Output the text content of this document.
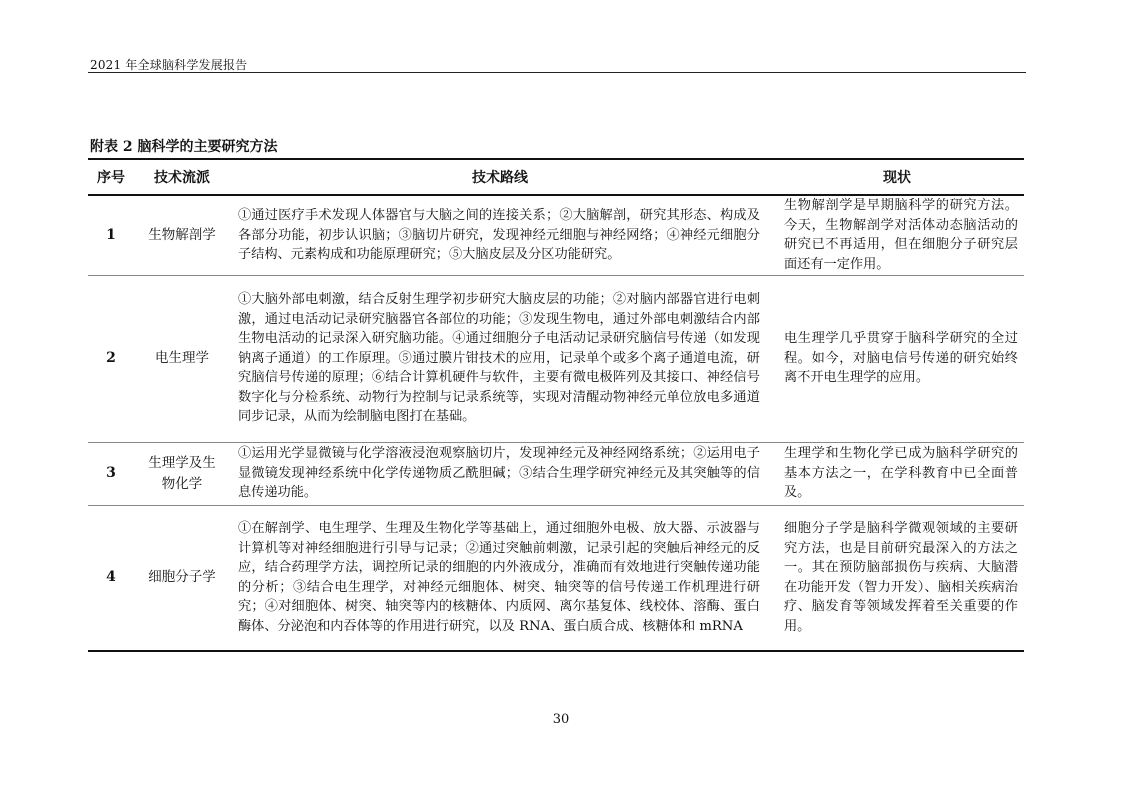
2021 年全球脑科学发展报告
附表 2 脑科学的主要研究方法
序号	技术流派	技术路线	现状
1	生物解剖学	①通过医疗手术发现人体器官与大脑之间的连接关系；②大脑解剖，研究其形态、构成及各部分功能，初步认识脑；③脑切片研究，发现神经元细胞与神经网络；④神经元细胞分子结构、元素构成和功能原理研究；⑤大脑皮层及分区功能研究。	生物解剖学是早期脑科学的研究方法。今天，生物解剖学对活体动态脑活动的研究已不再适用，但在细胞分子研究层面还有一定作用。
2	电生理学	①大脑外部电刺激，结合反射生理学初步研究大脑皮层的功能；②对脑内部器官进行电刺激，通过电活动记录研究脑器官各部位的功能；③发现生物电，通过外部电刺激结合内部生物电活动的记录深入研究脑功能。④通过细胞分子电活动记录研究脑信号传递（如发现钠离子通道）的工作原理。⑤通过膜片钳技术的应用，记录单个或多个离子通道电流，研究脑信号传递的原理；⑥结合计算机硬件与软件，主要有微电极阵列及其接口、神经信号数字化与分检系统、动物行为控制与记录系统等，实现对清醒动物神经元单位放电多通道同步记录，从而为绘制脑电图打在基础。	电生理学几乎贯穿于脑科学研究的全过程。如今，对脑电信号传递的研究始终离不开电生理学的应用。
3	生理学及生物化学	①运用光学显微镜与化学溶液浸泡观察脑切片，发现神经元及神经网络系统；②运用电子显微镜发现神经系统中化学传递物质乙酰胆碱；③结合生理学研究神经元及其突触等的信息传递功能。	生理学和生物化学已成为脑科学研究的基本方法之一，在学科教育中已全面普及。
4	细胞分子学	①在解剖学、电生理学、生理及生物化学等基础上，通过细胞外电极、放大器、示波器与计算机等对神经细胞进行引导与记录；②通过突触前刺激，记录引起的突触后神经元的反应，结合药理学方法，调控所记录的细胞的内外液成分，准确而有效地进行突触传递功能的分析；③结合电生理学，对神经元细胞体、树突、轴突等的信号传递工作机理进行研究；④对细胞体、树突、轴突等内的核糖体、内质网、离尔基复体、线校体、溶酶、蛋白酶体、分泌泡和内吞体等的作用进行研究，以及 RNA、蛋白质合成、核糖体和 mRNA	细胞分子学是脑科学微观领域的主要研究方法，也是目前研究最深入的方法之一。其在预防脑部损伤与疾病、大脑潜在功能开发（智力开发）、脑相关疾病治疗、脑发育等领域发挥着至关重要的作用。
30
